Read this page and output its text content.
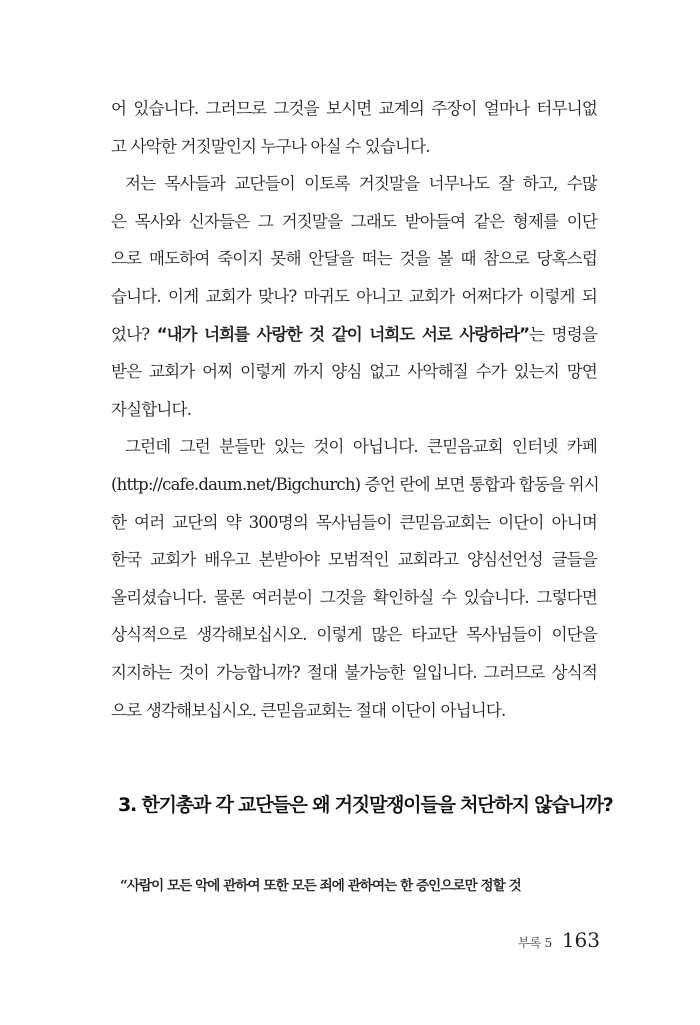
어 있습니다. 그러므로 그것을 보시면 교계의 주장이 얼마나 터무니없
고 사악한 거짓말인지 누구나 아실 수 있습니다.
저는 목사들과 교단들이 이토록 거짓말을 너무나도 잘 하고, 수많
은 목사와 신자들은 그 거짓말을 그래도 받아들여 같은 형제를 이단
으로 매도하여 죽이지 못해 안달을 떠는 것을 볼 때 참으로 당혹스럽
습니다. 이게 교회가 맞나? 마귀도 아니고 교회가 어쩌다가 이렇게 되
었나? “내가 너희를 사랑한 것 같이 너희도 서로 사랑하라”는 명령을
받은 교회가 어찌 이렇게 까지 양심 없고 사악해질 수가 있는지 망연
자실합니다.
그런데 그런 분들만 있는 것이 아닙니다. 큰믿음교회 인터넷 카페
(http://cafe.daum.net/Bigchurch) 증언 란에 보면 통합과 합동을 위시
한 여러 교단의 약 300명의 목사님들이 큰믿음교회는 이단이 아니며
한국 교회가 배우고 본받아야 모범적인 교회라고 양심선언성 글들을
올리셨습니다. 물론 여러분이 그것을 확인하실 수 있습니다. 그렇다면
상식적으로 생각해보십시오. 이렇게 많은 타교단 목사님들이 이단을
지지하는 것이 가능합니까? 절대 불가능한 일입니다. 그러므로 상식적
으로 생각해보십시오. 큰믿음교회는 절대 이단이 아닙니다.
3. 한기총과 각 교단들은 왜 거짓말쟁이들을 처단하지 않습니까?
“사람이 모든 악에 관하여 또한 모든 죄에 관하여는 한 증인으로만 정할 것
부록 5 163
